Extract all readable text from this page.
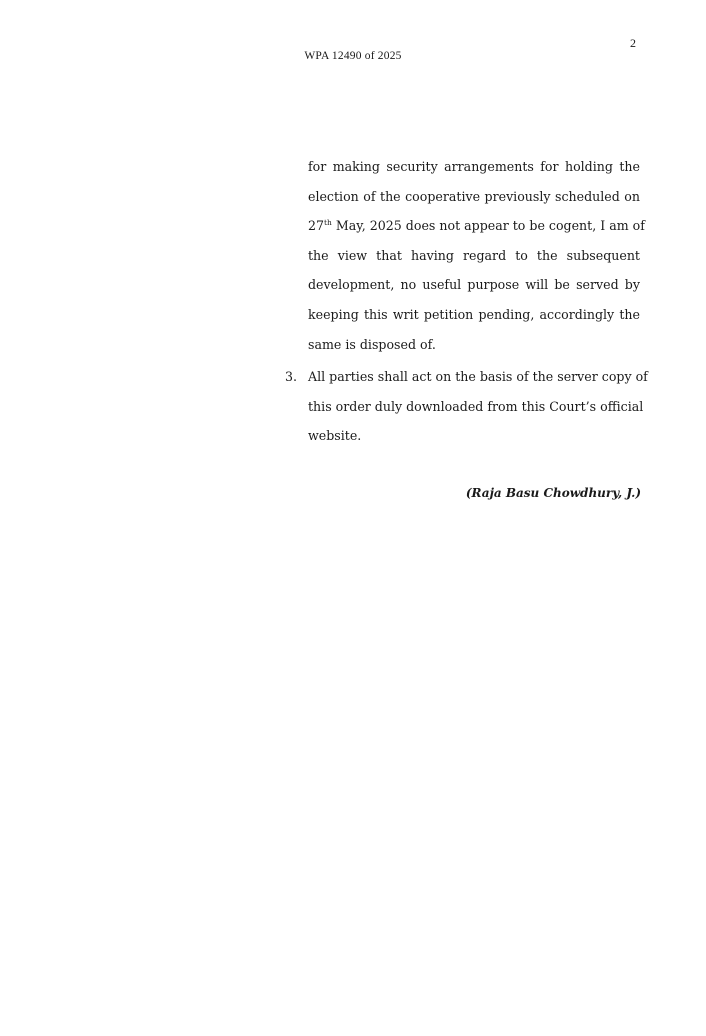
2
WPA 12490 of 2025
for making security arrangements for holding the
election of the cooperative previously scheduled on
27th May, 2025 does not appear to be cogent, I am of
the view that having regard to the subsequent
development, no useful purpose will be served by
keeping this writ petition pending, accordingly the
same is disposed of.
3. All parties shall act on the basis of the server copy of
this order duly downloaded from this Court’s official
website.
(Raja Basu Chowdhury, J.)
